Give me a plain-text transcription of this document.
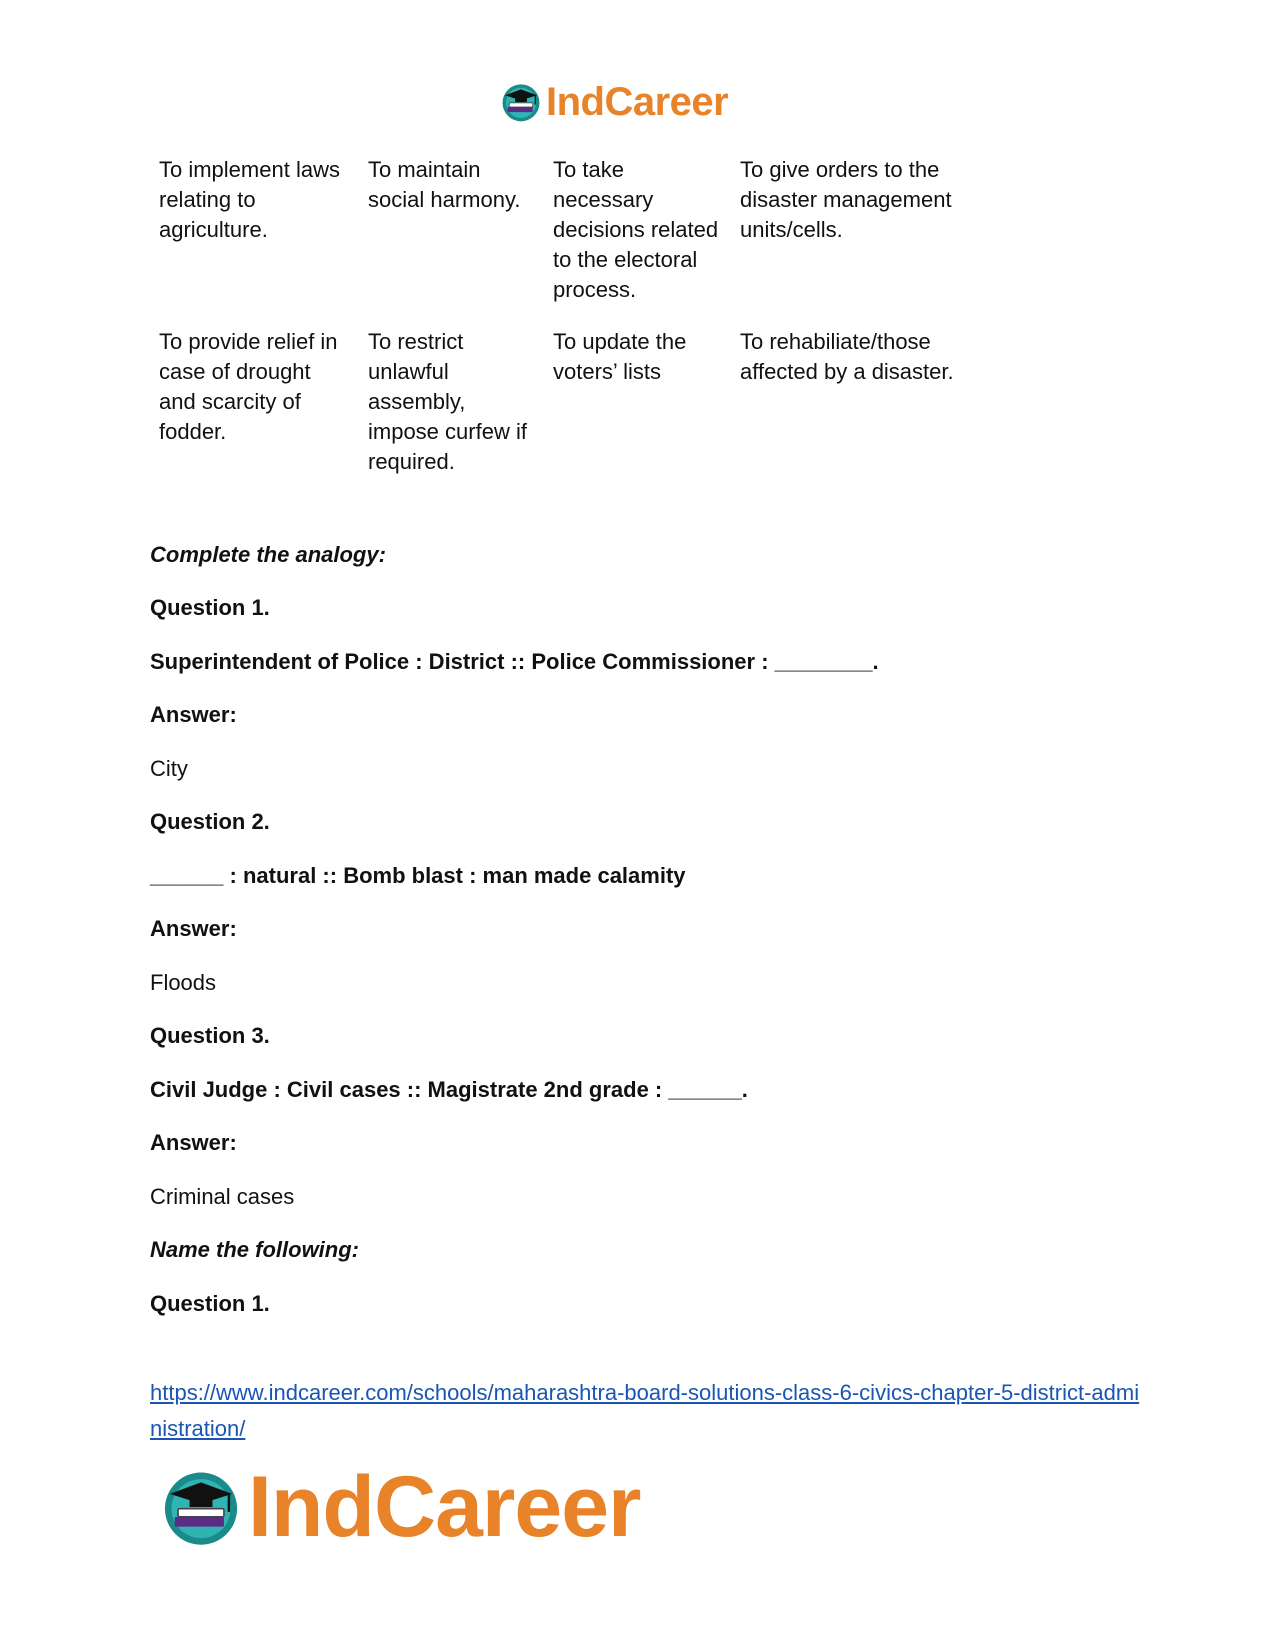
IndCareer
To implement laws relating to agriculture.	To maintain social harmony.	To take necessary decisions related to the electoral process.	To give orders to the disaster management units/cells.
To provide relief in case of drought and scarcity of fodder.	To restrict unlawful assembly, impose curfew if required.	To update the voters’ lists	To rehabiliate/those affected by a disaster.
Complete the analogy:
Question 1.
Superintendent of Police : District :: Police Commissioner : ________.
Answer:
City
Question 2.
______ : natural :: Bomb blast : man made calamity
Answer:
Floods
Question 3.
Civil Judge : Civil cases :: Magistrate 2nd grade : ______.
Answer:
Criminal cases
Name the following:
Question 1.
https://www.indcareer.com/schools/maharashtra-board-solutions-class-6-civics-chapter-5-district-administration/
IndCareer
